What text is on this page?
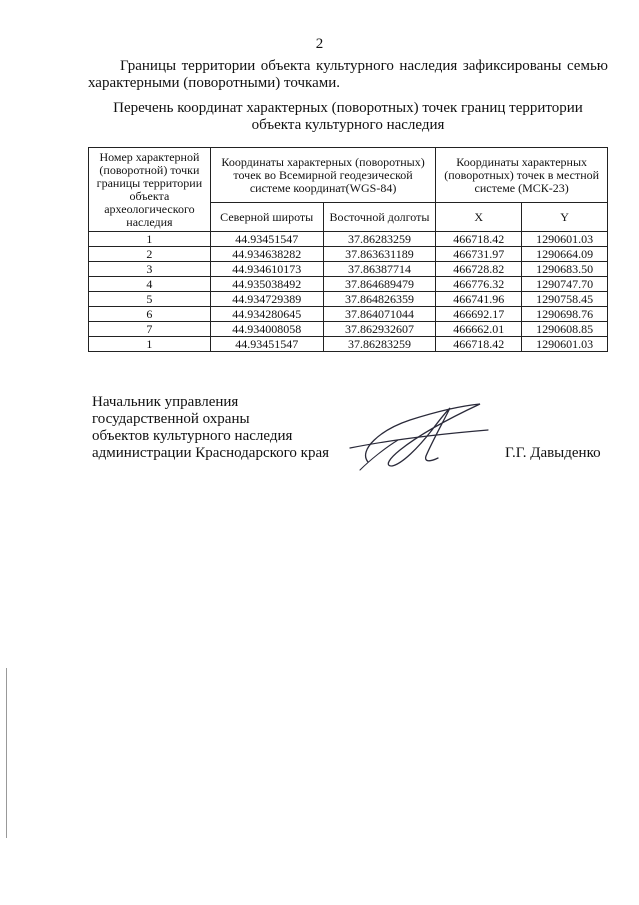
2
Границы территории объекта культурного наследия зафиксированы семью характерными (поворотными) точками.
Перечень координат характерных (поворотных) точек границ территории объекта культурного наследия
Номер характерной (поворотной) точки границы территории объекта археологического наследия	Координаты характерных (поворотных) точек во Всемирной геодезической системе координат(WGS-84)		Координаты характерных (поворотных) точек в местной системе (МСК-23)	
	Северной широты	Восточной долготы	X	Y
1	44.93451547	37.86283259	466718.42	1290601.03
2	44.934638282	37.863631189	466731.97	1290664.09
3	44.934610173	37.86387714	466728.82	1290683.50
4	44.935038492	37.864689479	466776.32	1290747.70
5	44.934729389	37.864826359	466741.96	1290758.45
6	44.934280645	37.864071044	466692.17	1290698.76
7	44.934008058	37.862932607	466662.01	1290608.85
1	44.93451547	37.86283259	466718.42	1290601.03
Начальник управления
государственной охраны
объектов культурного наследия
администрации Краснодарского края	Г.Г. Давыденко
